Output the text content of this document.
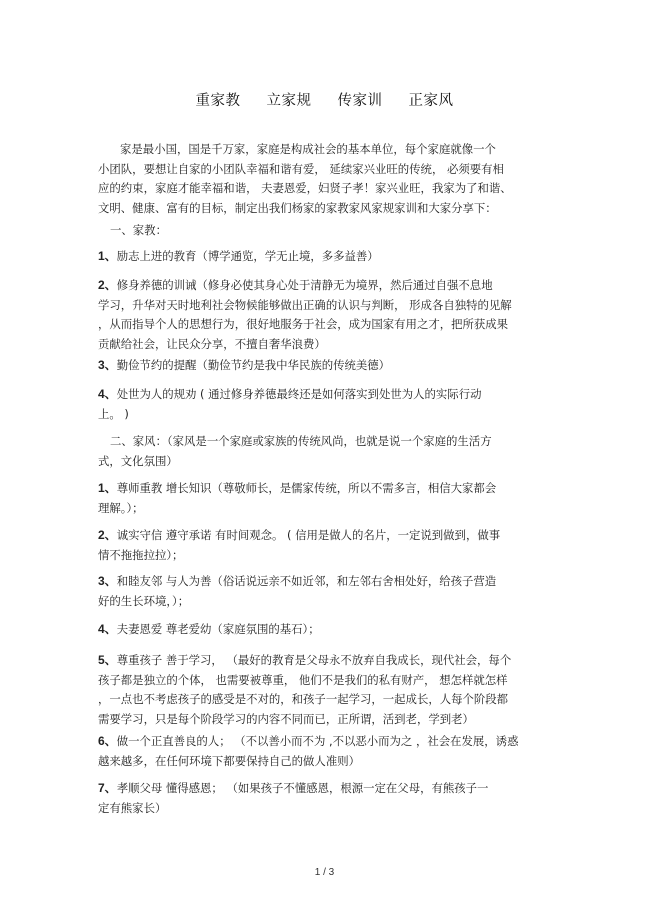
重家教 立家规 传家训 正家风
家是最小国，国是千万家，家庭是构成社会的基本单位，每个家庭就像一个
小团队，要想让自家的小团队幸福和谐有爱， 延续家兴业旺的传统， 必须要有相
应的约束，家庭才能幸福和谐， 夫妻恩爱，妇贤子孝！家兴业旺，我家为了和谐、
文明、健康、富有的目标，制定出我们杨家的家教家风家规家训和大家分享下：
一、家教：
1、励志上进的教育（博学通览，学无止境，多多益善）
2、修身养德的训诫（修身必使其身心处于清静无为境界，然后通过自强不息地
学习，升华对天时地利社会物候能够做出正确的认识与判断， 形成各自独特的见解
，从而指导个人的思想行为，很好地服务于社会，成为国家有用之才，把所获成果
贡献给社会，让民众分享，不擅自奢华浪费）
3、勤俭节约的提醒（勤俭节约是我中华民族的传统美德）
4、处世为人的规劝 ( 通过修身养德最终还是如何落实到处世为人的实际行动
上。 )
二、家风：（家风是一个家庭或家族的传统风尚，也就是说一个家庭的生活方
式，文化氛围）
1、尊师重教 增长知识（尊敬师长，是儒家传统，所以不需多言，相信大家都会
理解。）；
2、诚实守信 遵守承诺 有时间观念。 ( 信用是做人的名片，一定说到做到，做事
情不拖拖拉拉）；
3、和睦友邻 与人为善（俗话说远亲不如近邻，和左邻右舍相处好，给孩子营造
好的生长环境，）；
4、夫妻恩爱 尊老爱幼（家庭氛围的基石）；
5、尊重孩子 善于学习， （最好的教育是父母永不放弃自我成长，现代社会，每个
孩子都是独立的个体， 也需要被尊重， 他们不是我们的私有财产， 想怎样就怎样
，一点也不考虑孩子的感受是不对的，和孩子一起学习，一起成长，人每个阶段都
需要学习，只是每个阶段学习的内容不同而已，正所谓，活到老，学到老）
6、做一个正直善良的人； （不以善小而不为 ,不以恶小而为之 ，社会在发展，诱惑
越来越多，在任何环境下都要保持自己的做人准则）
7、孝顺父母 懂得感恩； （如果孩子不懂感恩，根源一定在父母，有熊孩子一
定有熊家长）
1 / 3
